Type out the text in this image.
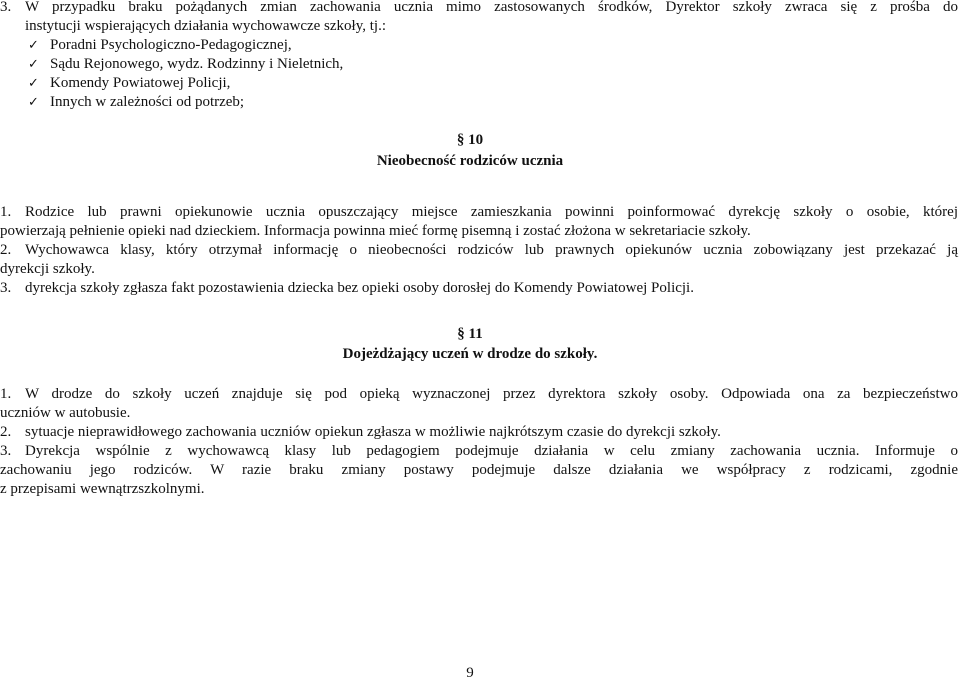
3. W przypadku braku pożądanych zmian zachowania ucznia mimo zastosowanych środków, Dyrektor szkoły zwraca się z prośba do
instytucji wspierających działania wychowawcze szkoły, tj.:
✓ Poradni Psychologiczno-Pedagogicznej,
✓ Sądu Rejonowego, wydz. Rodzinny i Nieletnich,
✓ Komendy Powiatowej Policji,
✓ Innych w zależności od potrzeb;
§ 10
Nieobecność rodziców ucznia
1. Rodzice lub prawni opiekunowie ucznia opuszczający miejsce zamieszkania powinni poinformować dyrekcję szkoły o osobie, której
powierzają pełnienie opieki nad dzieckiem. Informacja powinna mieć formę pisemną i zostać złożona w sekretariacie szkoły.
2. Wychowawca klasy, który otrzymał informację o nieobecności rodziców lub prawnych opiekunów ucznia zobowiązany jest przekazać ją
dyrekcji szkoły.
3. dyrekcja szkoły zgłasza fakt pozostawienia dziecka bez opieki osoby dorosłej do Komendy Powiatowej Policji.
§ 11
Dojeżdżający uczeń w drodze do szkoły.
1. W drodze do szkoły uczeń znajduje się pod opieką wyznaczonej przez dyrektora szkoły osoby. Odpowiada ona za bezpieczeństwo
uczniów w autobusie.
2. sytuacje nieprawidłowego zachowania uczniów opiekun zgłasza w możliwie najkrótszym czasie do dyrekcji szkoły.
3. Dyrekcja wspólnie z wychowawcą klasy lub pedagogiem podejmuje działania w celu zmiany zachowania ucznia. Informuje o
zachowaniu jego rodziców. W razie braku zmiany postawy podejmuje dalsze działania we współpracy z rodzicami, zgodnie
z przepisami wewnątrzszkolnymi.
9
